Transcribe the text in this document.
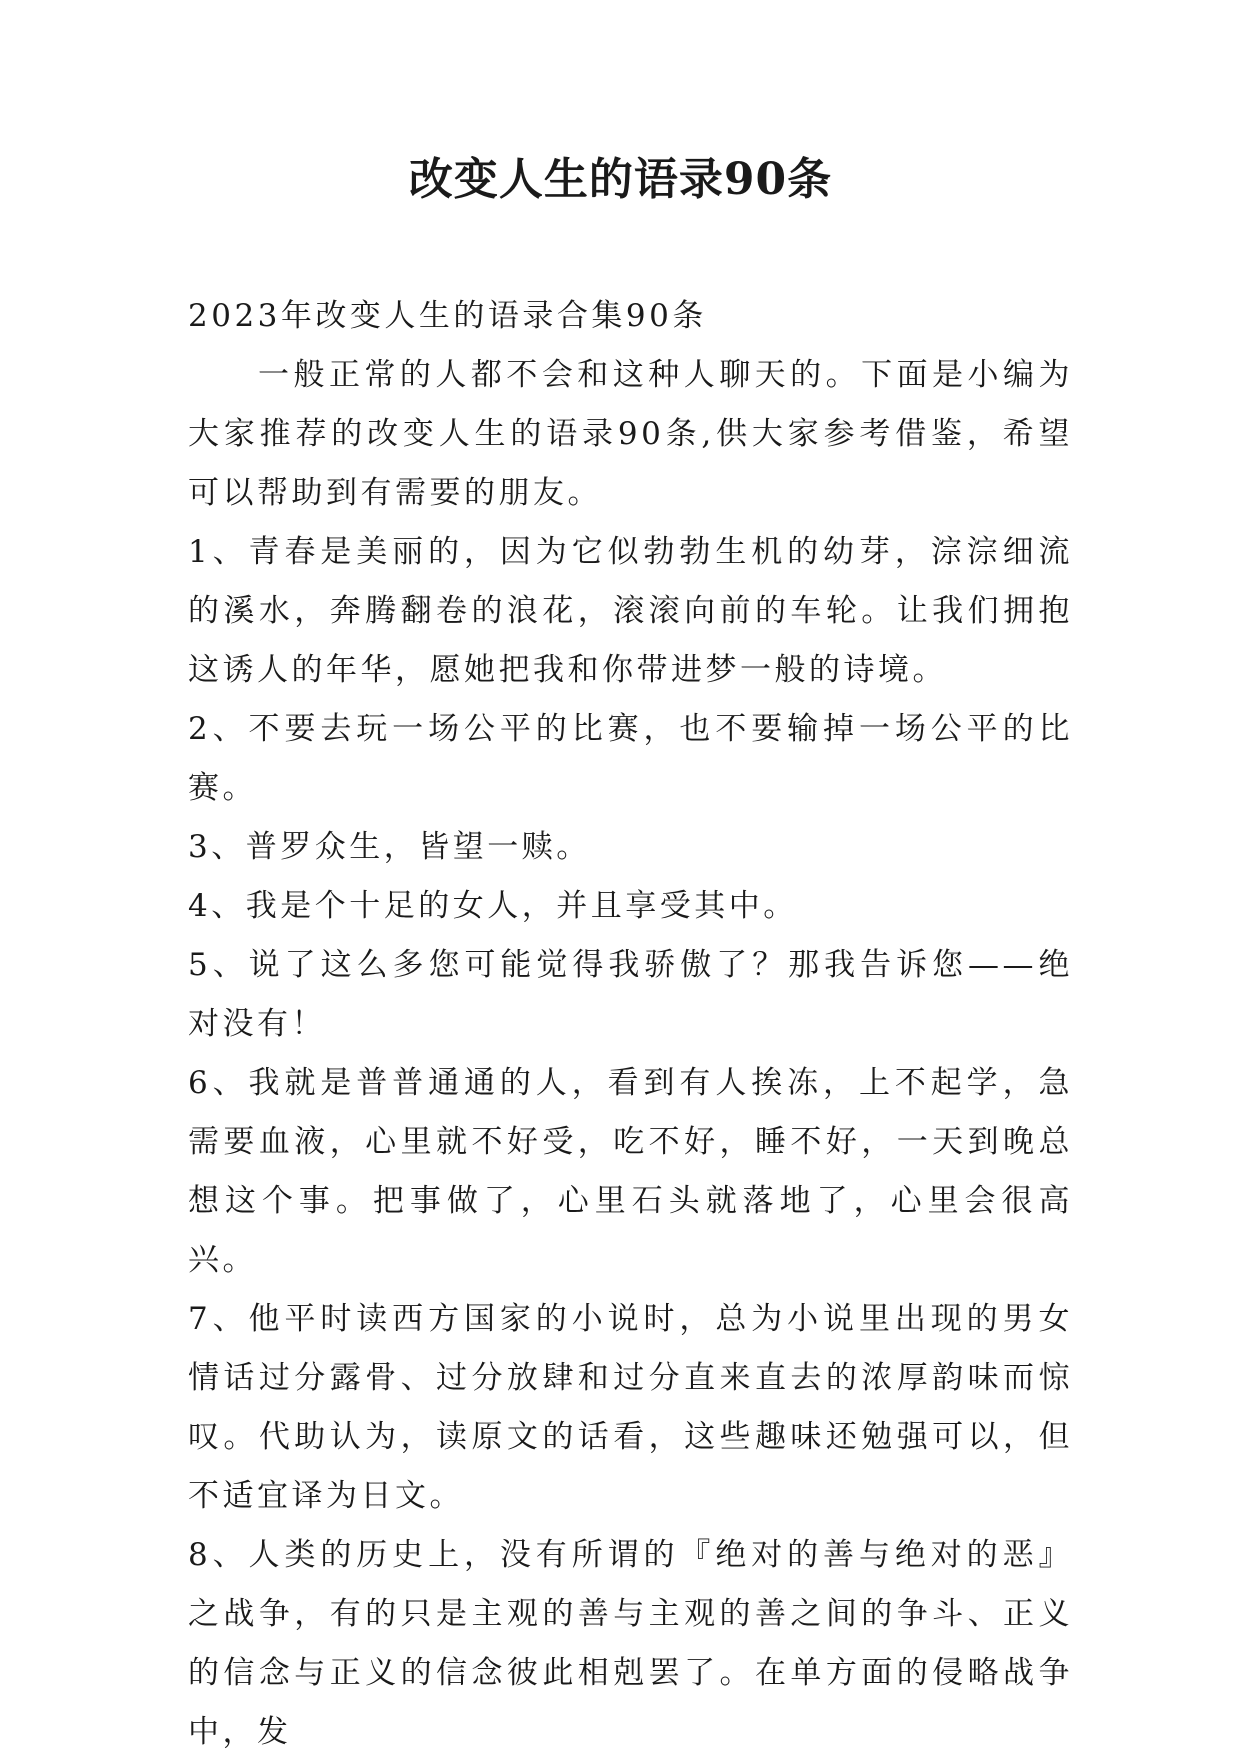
改变人生的语录90条

2023年改变人生的语录合集90条

一般正常的人都不会和这种人聊天的。下面是小编为大家推荐的改变人生的语录90条,供大家参考借鉴，希望可以帮助到有需要的朋友。

1、青春是美丽的，因为它似勃勃生机的幼芽，淙淙细流的溪水，奔腾翻卷的浪花，滚滚向前的车轮。让我们拥抱这诱人的年华，愿她把我和你带进梦一般的诗境。

2、不要去玩一场公平的比赛，也不要输掉一场公平的比赛。

3、普罗众生，皆望一赎。

4、我是个十足的女人，并且享受其中。

5、说了这么多您可能觉得我骄傲了？那我告诉您——绝对没有！

6、我就是普普通通的人，看到有人挨冻，上不起学，急需要血液，心里就不好受，吃不好，睡不好，一天到晚总想这个事。把事做了，心里石头就落地了，心里会很高兴。

7、他平时读西方国家的小说时，总为小说里出现的男女情话过分露骨、过分放肆和过分直来直去的浓厚韵味而惊叹。代助认为，读原文的话看，这些趣味还勉强可以，但不适宜译为日文。

8、人类的历史上，没有所谓的『绝对的善与绝对的恶』之战争，有的只是主观的善与主观的善之间的争斗、正义的信念与正义的信念彼此相剋罢了。在单方面的侵略战争中，发
